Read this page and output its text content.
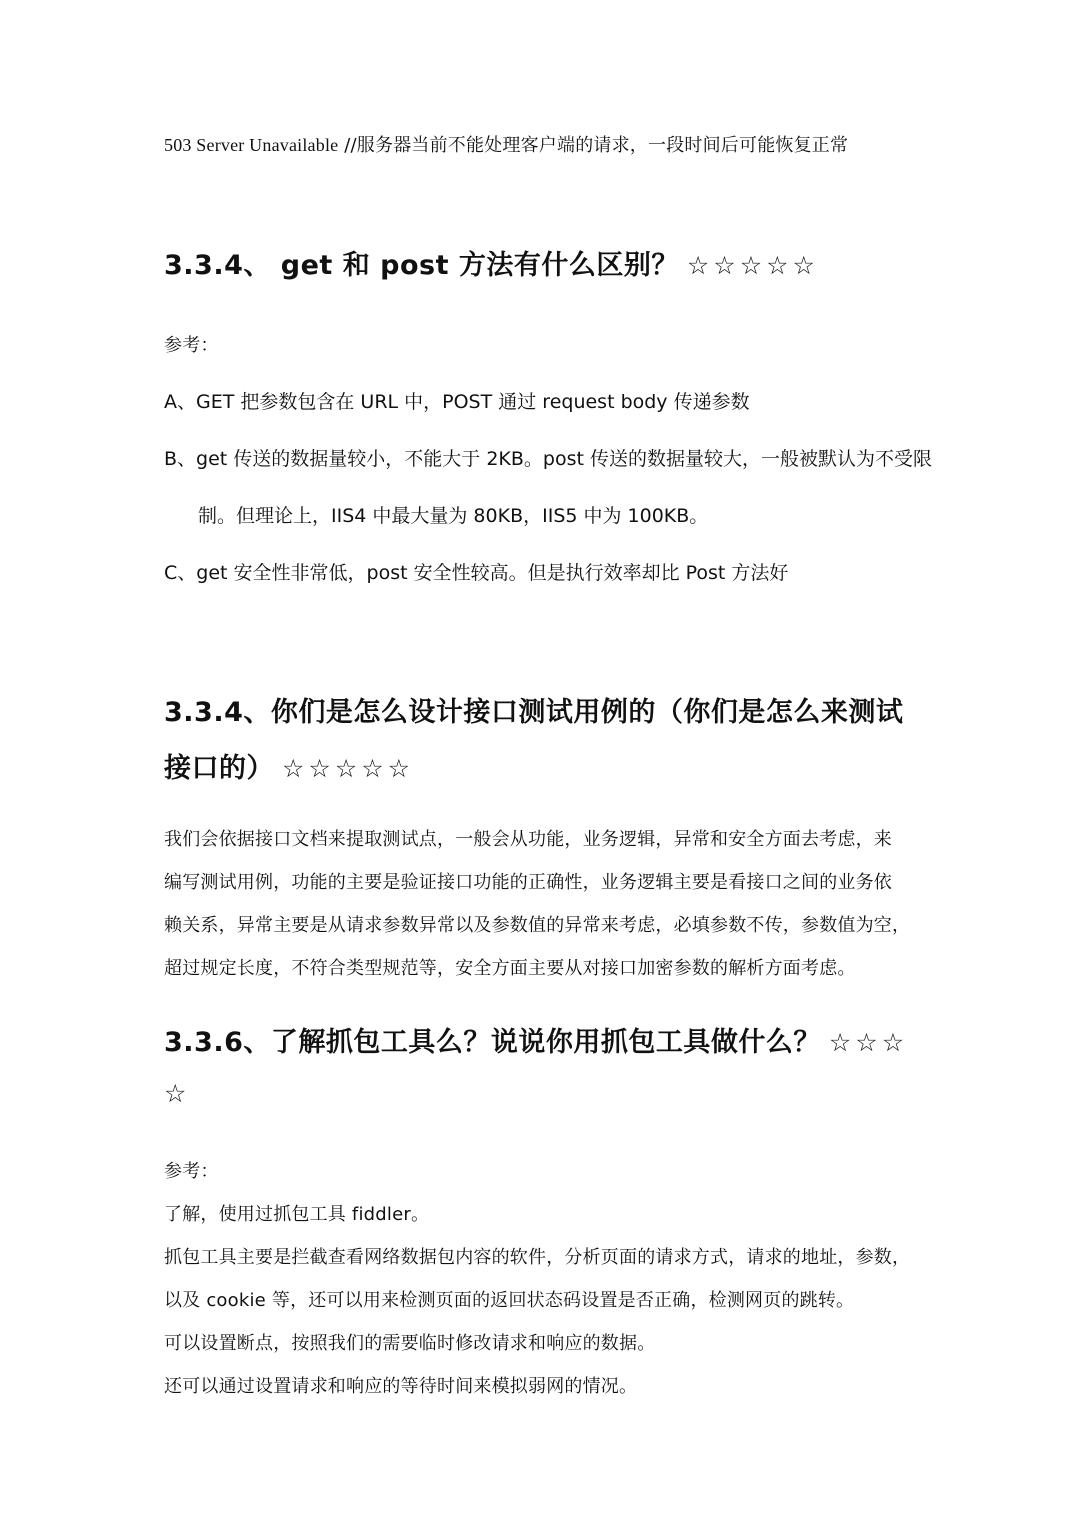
503 Server Unavailable //服务器当前不能处理客户端的请求，一段时间后可能恢复正常
3.3.4、 get 和 post 方法有什么区别？ ☆☆☆☆☆
参考：
A、GET 把参数包含在 URL 中，POST 通过 request body 传递参数
B、get 传送的数据量较小，不能大于 2KB。post 传送的数据量较大，一般被默认为不受限
制。但理论上，IIS4 中最大量为 80KB，IIS5 中为 100KB。
C、get 安全性非常低，post 安全性较高。但是执行效率却比 Post 方法好
3.3.4、你们是怎么设计接口测试用例的（你们是怎么来测试
接口的） ☆☆☆☆☆
我们会依据接口文档来提取测试点，一般会从功能，业务逻辑，异常和安全方面去考虑，来
编写测试用例，功能的主要是验证接口功能的正确性，业务逻辑主要是看接口之间的业务依
赖关系，异常主要是从请求参数异常以及参数值的异常来考虑，必填参数不传，参数值为空，
超过规定长度，不符合类型规范等，安全方面主要从对接口加密参数的解析方面考虑。
3.3.6、了解抓包工具么？说说你用抓包工具做什么？ ☆☆☆
☆
参考：
了解，使用过抓包工具 fiddler。
抓包工具主要是拦截查看网络数据包内容的软件，分析页面的请求方式，请求的地址，参数，
以及 cookie 等，还可以用来检测页面的返回状态码设置是否正确，检测网页的跳转。
可以设置断点，按照我们的需要临时修改请求和响应的数据。
还可以通过设置请求和响应的等待时间来模拟弱网的情况。
